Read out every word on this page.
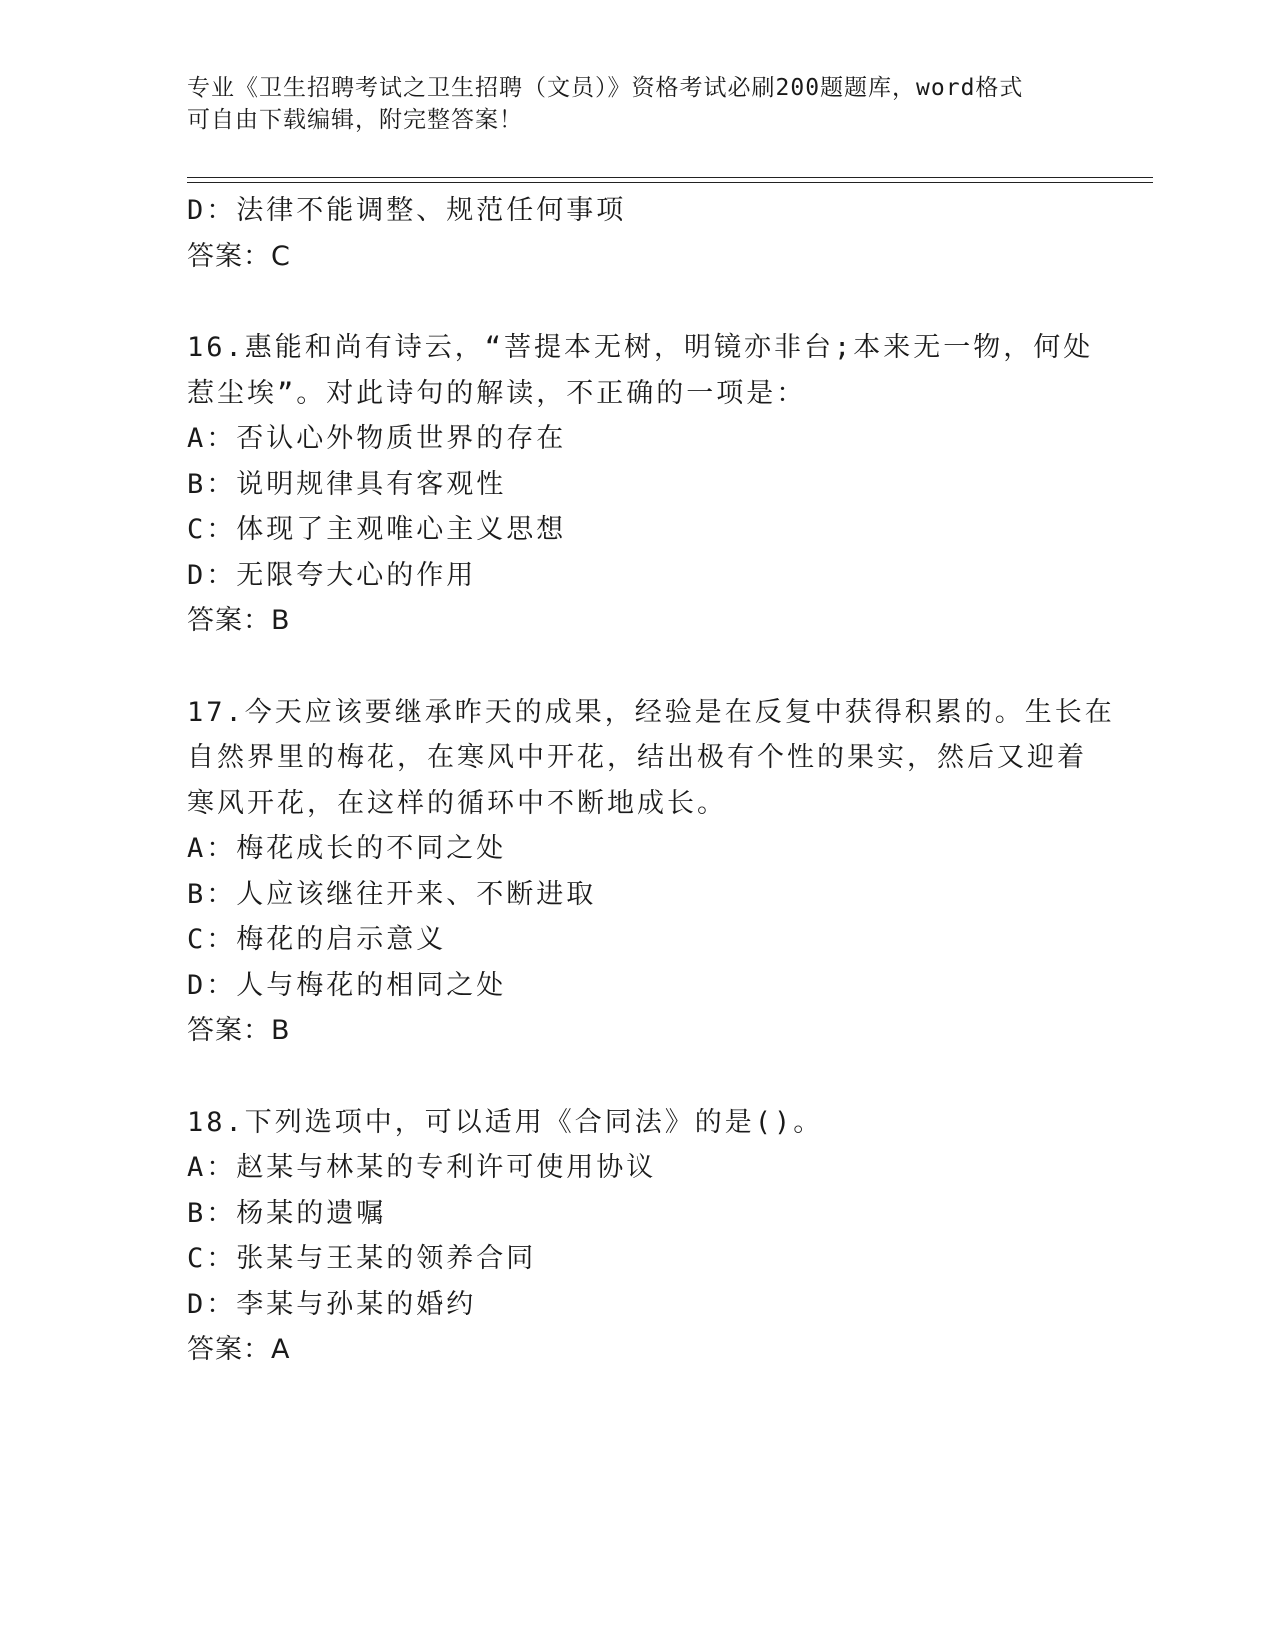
专业《卫生招聘考试之卫生招聘（文员）》资格考试必刷200题题库，word格式
可自由下载编辑，附完整答案！
D：法律不能调整、规范任何事项
答案：C
16.惠能和尚有诗云，“菩提本无树，明镜亦非台;本来无一物，何处
惹尘埃”。对此诗句的解读，不正确的一项是：
A：否认心外物质世界的存在
B：说明规律具有客观性
C：体现了主观唯心主义思想
D：无限夸大心的作用
答案：B
17.今天应该要继承昨天的成果，经验是在反复中获得积累的。生长在
自然界里的梅花，在寒风中开花，结出极有个性的果实，然后又迎着
寒风开花，在这样的循环中不断地成长。
A：梅花成长的不同之处
B：人应该继往开来、不断进取
C：梅花的启示意义
D：人与梅花的相同之处
答案：B
18.下列选项中，可以适用《合同法》的是()。
A：赵某与林某的专利许可使用协议
B：杨某的遗嘱
C：张某与王某的领养合同
D：李某与孙某的婚约
答案：A
